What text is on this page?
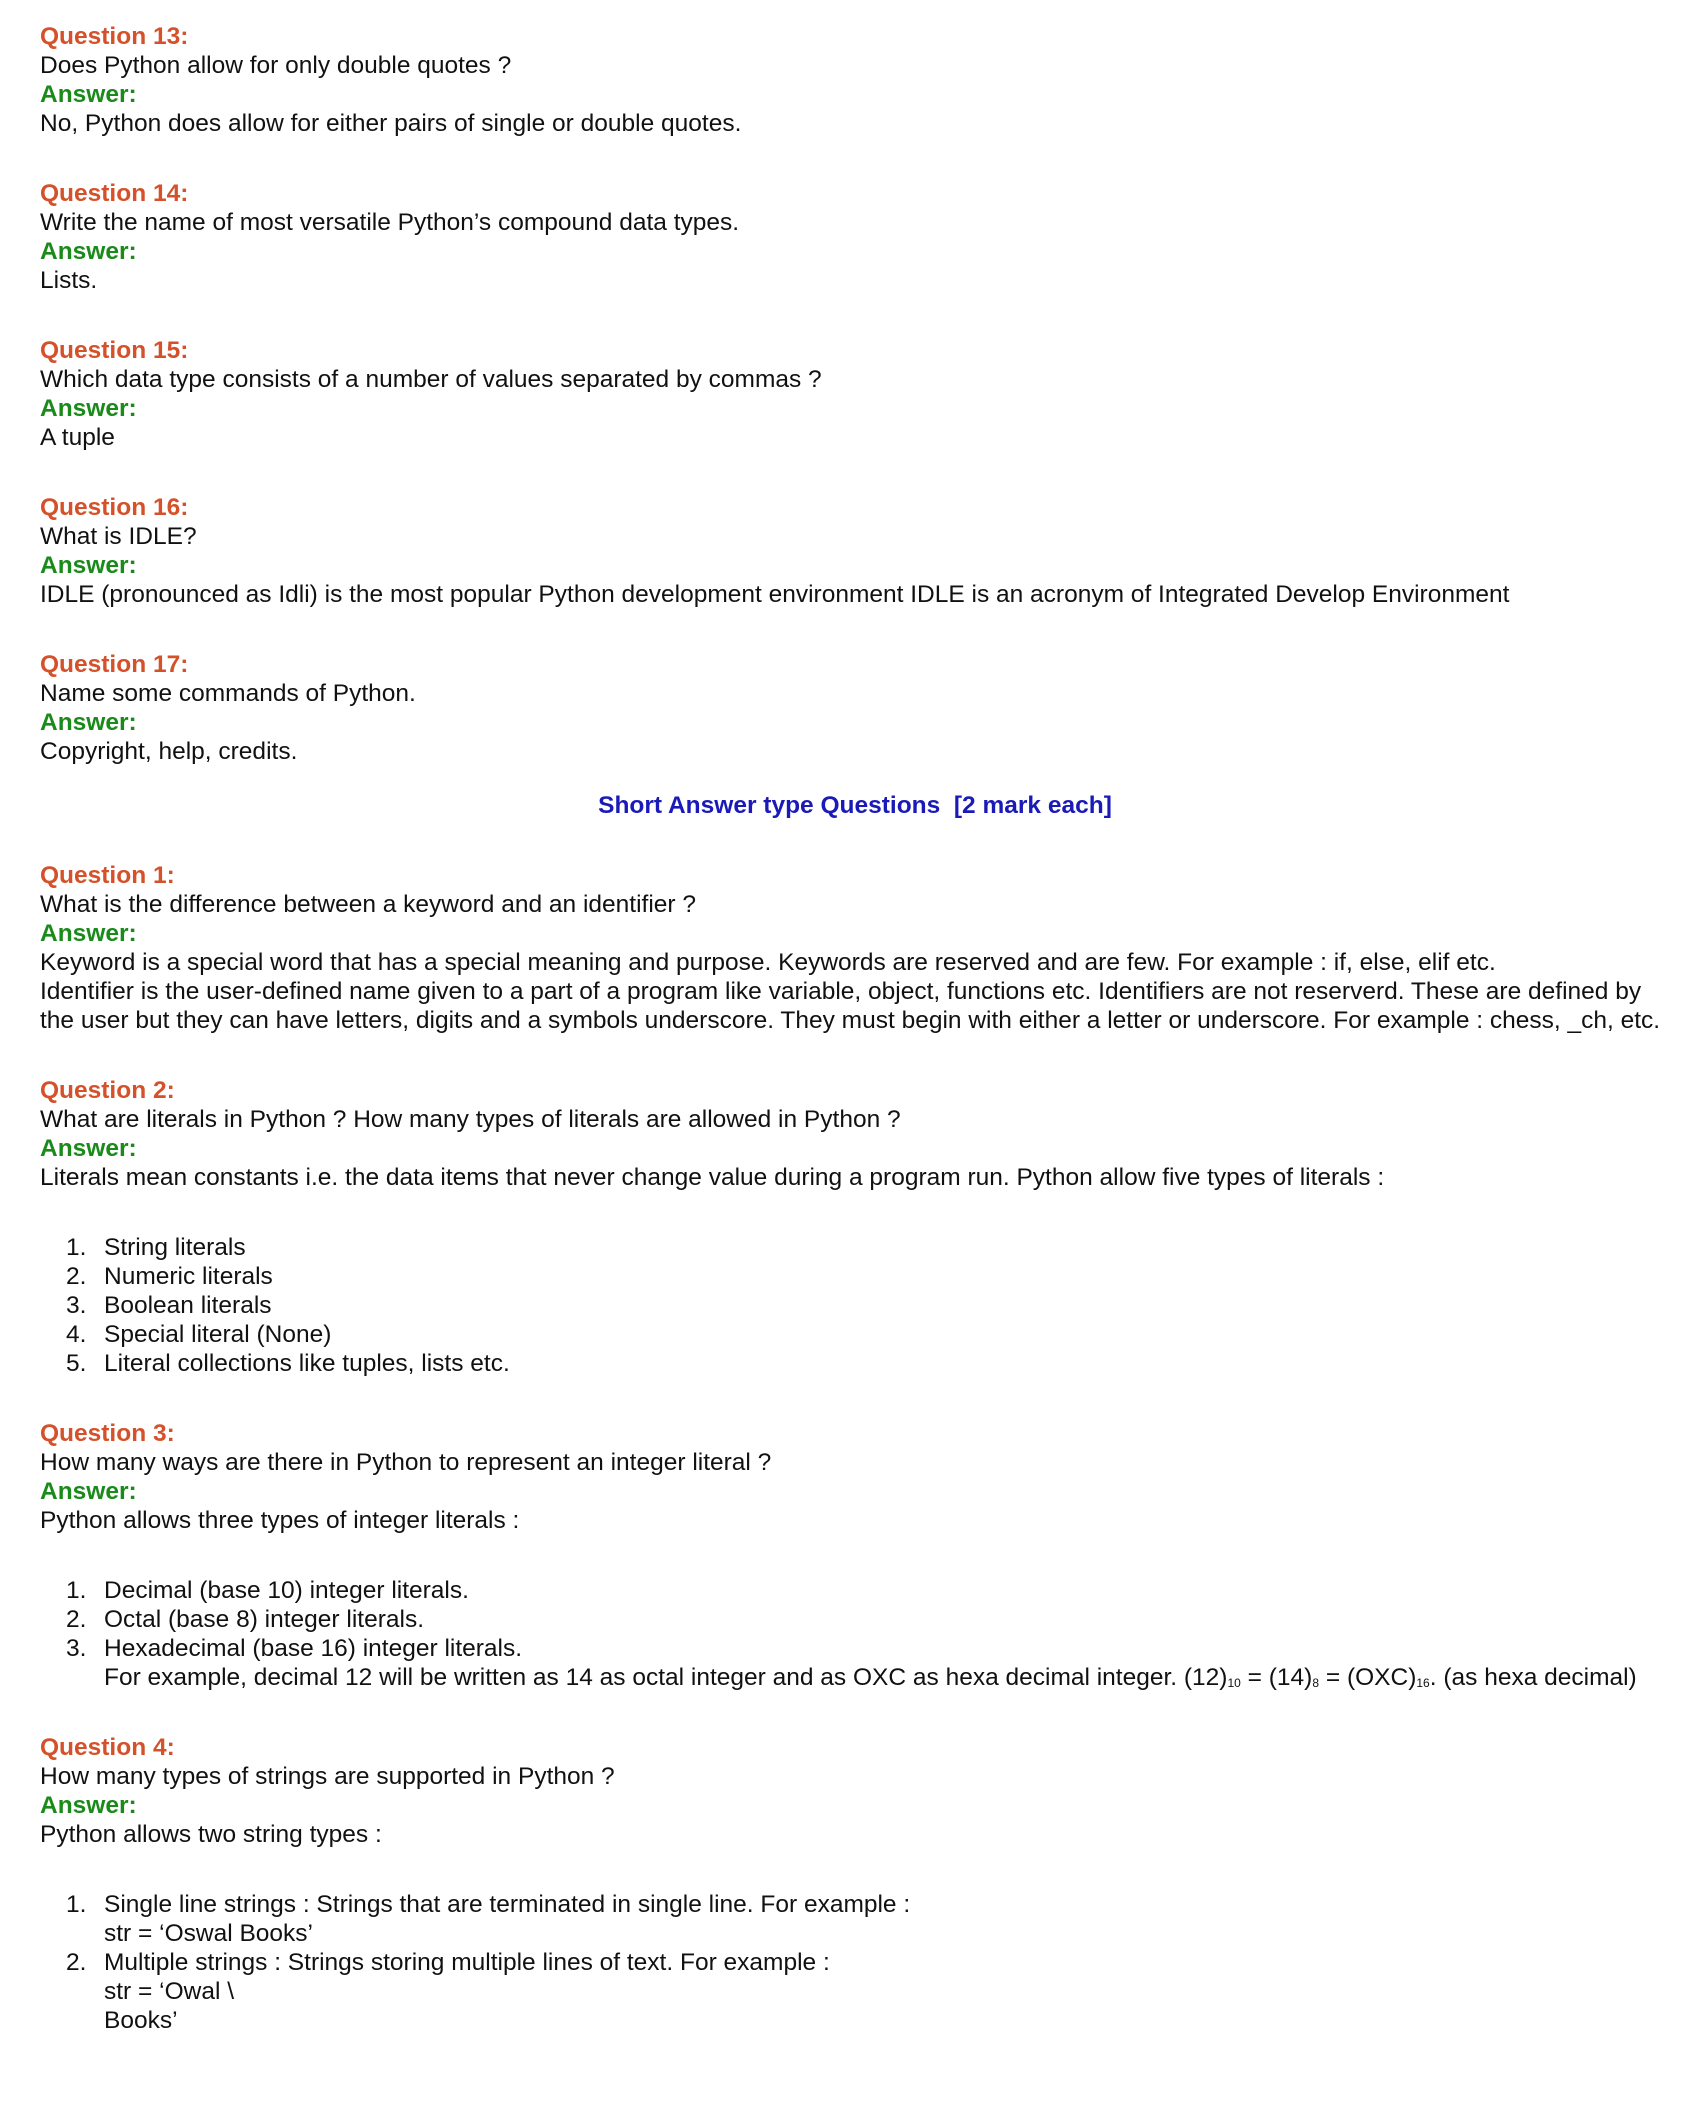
Question 13:
Does Python allow for only double quotes ?
Answer:
No, Python does allow for either pairs of single or double quotes.
Question 14:
Write the name of most versatile Python’s compound data types.
Answer:
Lists.
Question 15:
Which data type consists of a number of values separated by commas ?
Answer:
A tuple
Question 16:
What is IDLE?
Answer:
IDLE (pronounced as Idli) is the most popular Python development environment IDLE is an acronym of Integrated Develop Environment
Question 17:
Name some commands of Python.
Answer:
Copyright, help, credits.
Short Answer type Questions  [2 mark each]
Question 1:
What is the difference between a keyword and an identifier ?
Answer:
Keyword is a special word that has a special meaning and purpose. Keywords are reserved and are few. For example : if, else, elif etc.
Identifier is the user-defined name given to a part of a program like variable, object, functions etc. Identifiers are not reserverd. These are defined by the user but they can have letters, digits and a symbols underscore. They must begin with either a letter or underscore. For example : chess, _ch, etc.
Question 2:
What are literals in Python ? How many types of literals are allowed in Python ?
Answer:
Literals mean constants i.e. the data items that never change value during a program run. Python allow five types of literals :
1. String literals
2. Numeric literals
3. Boolean literals
4. Special literal (None)
5. Literal collections like tuples, lists etc.
Question 3:
How many ways are there in Python to represent an integer literal ?
Answer:
Python allows three types of integer literals :
1. Decimal (base 10) integer literals.
2. Octal (base 8) integer literals.
3. Hexadecimal (base 16) integer literals.
For example, decimal 12 will be written as 14 as octal integer and as OXC as hexa decimal integer. $(12)_{10} = (14)_8 = (OXC)_{16}$. (as hexa decimal)
Question 4:
How many types of strings are supported in Python ?
Answer:
Python allows two string types :
1. Single line strings : Strings that are terminated in single line. For example :
str = ‘Oswal Books’
2. Multiple strings : Strings storing multiple lines of text. For example :
str = ‘Owal \
Books’
